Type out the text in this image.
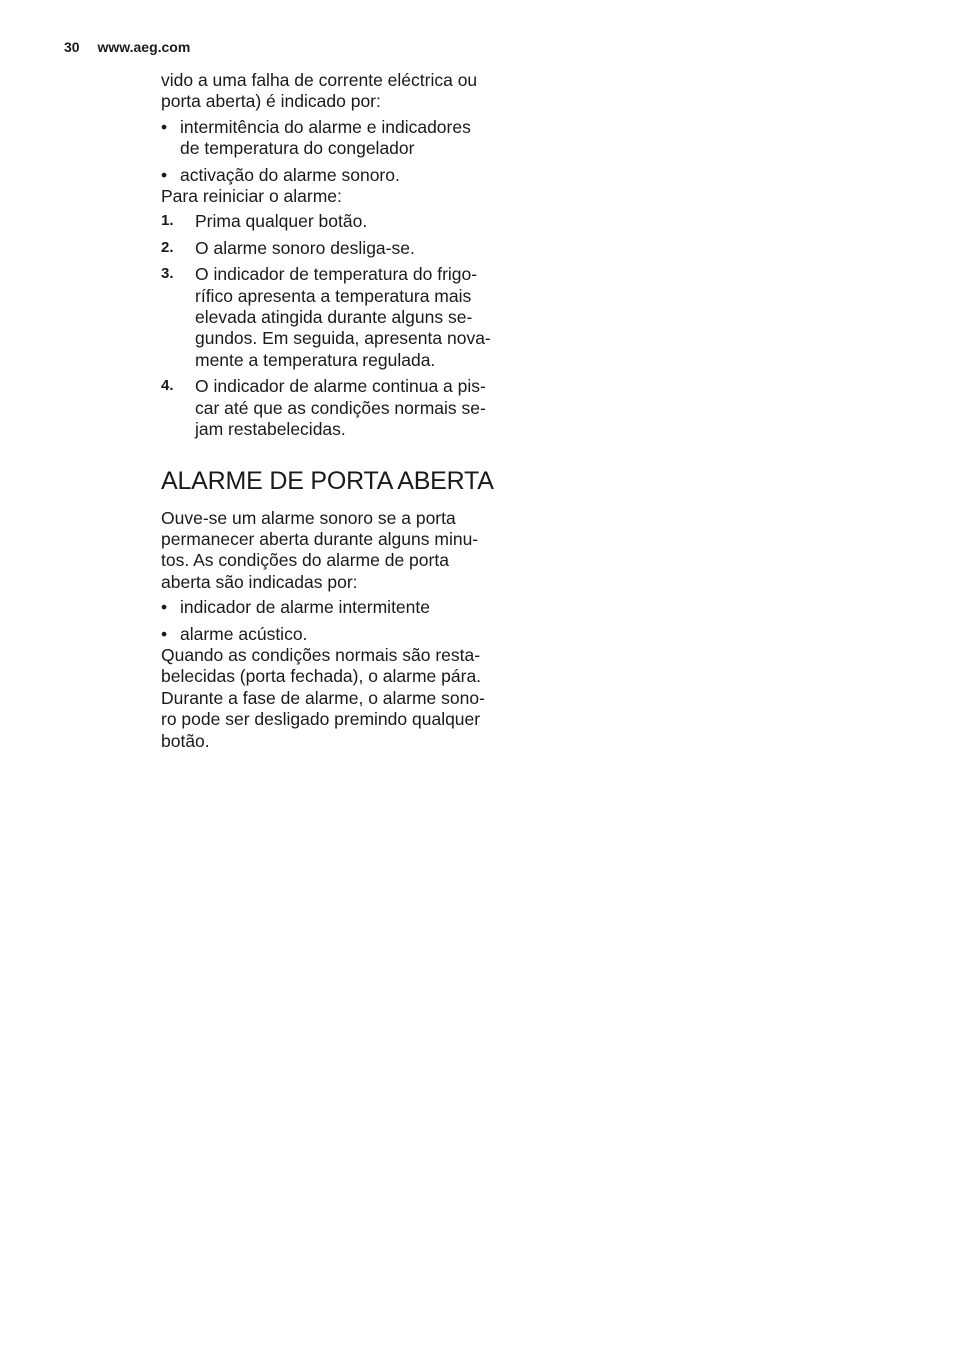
30 www.aeg.com

vido a uma falha de corrente eléctrica ou
porta aberta) é indicado por:

• intermitência do alarme e indicadores
de temperatura do congelador
• activação do alarme sonoro.

Para reiniciar o alarme:

1. Prima qualquer botão.
2. O alarme sonoro desliga-se.
3. O indicador de temperatura do frigo-
rífico apresenta a temperatura mais
elevada atingida durante alguns se-
gundos. Em seguida, apresenta nova-
mente a temperatura regulada.
4. O indicador de alarme continua a pis-
car até que as condições normais se-
jam restabelecidas.
ALARME DE PORTA ABERTA

Ouve-se um alarme sonoro se a porta
permanecer aberta durante alguns minu-
tos. As condições do alarme de porta
aberta são indicadas por:

• indicador de alarme intermitente
• alarme acústico.

Quando as condições normais são resta-
belecidas (porta fechada), o alarme pára.
Durante a fase de alarme, o alarme sono-
ro pode ser desligado premindo qualquer
botão.
